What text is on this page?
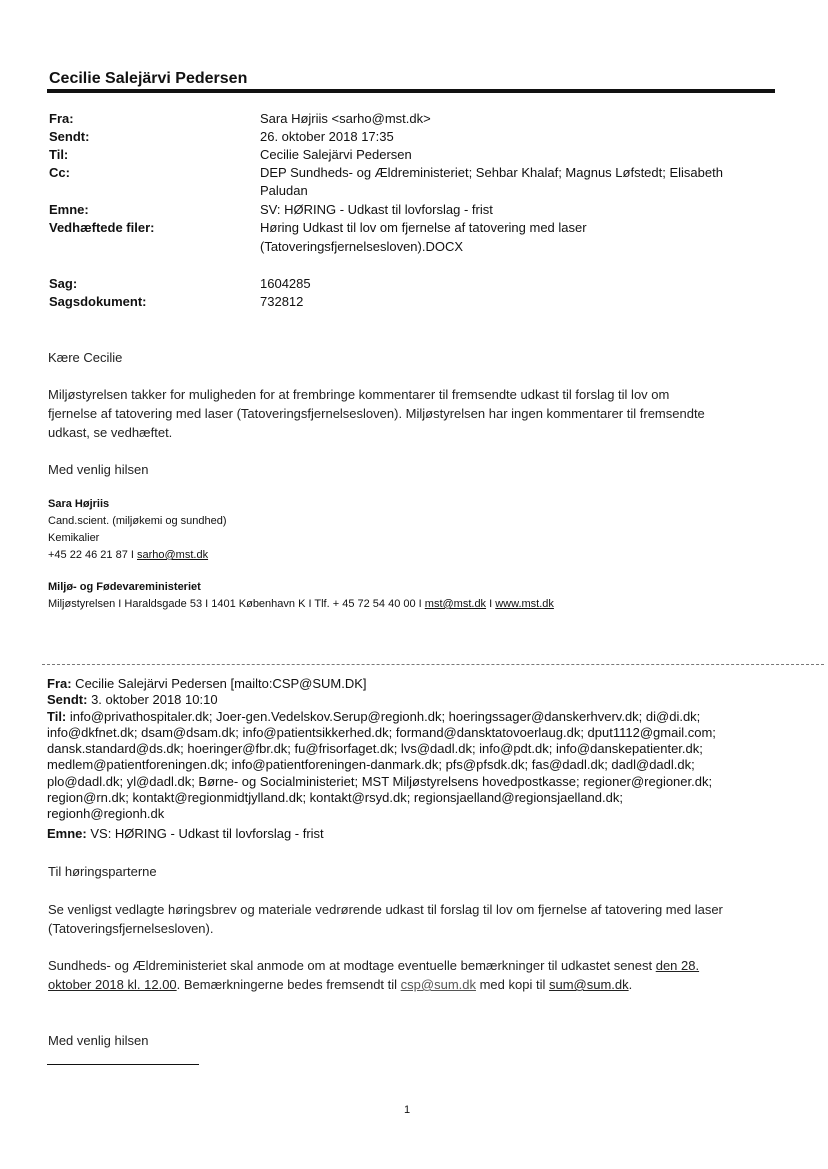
Cecilie Salejärvi Pedersen
Fra:	Sara Højriis <sarho@mst.dk>
Sendt:	26. oktober 2018 17:35
Til:	Cecilie Salejärvi Pedersen
Cc:	DEP Sundheds- og Ældreministeriet; Sehbar Khalaf; Magnus Løfstedt; Elisabeth
Paludan
Emne:	SV: HØRING - Udkast til lovforslag - frist
Vedhæftede filer:	Høring Udkast til lov om fjernelse af tatovering med laser
(Tatoveringsfjernelsesloven).DOCX
Sag:	1604285
Sagsdokument:	732812
Kære Cecilie
Miljøstyrelsen takker for muligheden for at frembringe kommentarer til fremsendte udkast til forslag til lov om
fjernelse af tatovering med laser (Tatoveringsfjernelsesloven). Miljøstyrelsen har ingen kommentarer til fremsendte
udkast, se vedhæftet.
Med venlig hilsen
Sara Højriis
Cand.scient. (miljøkemi og sundhed)
Kemikalier
+45 22 46 21 87 I sarho@mst.dk
Miljø- og Fødevareministeriet
Miljøstyrelsen I Haraldsgade 53 I 1401 København K I Tlf. + 45 72 54 40 00 I mst@mst.dk I www.mst.dk
Fra: Cecilie Salejärvi Pedersen [mailto:CSP@SUM.DK]
Sendt: 3. oktober 2018 10:10
Til: info@privathospitaler.dk; Joer-gen.Vedelskov.Serup@regionh.dk; hoeringssager@danskerhverv.dk; di@di.dk;
info@dkfnet.dk; dsam@dsam.dk; info@patientsikkerhed.dk; formand@dansktatovoerlaug.dk; dput1112@gmail.com;
dansk.standard@ds.dk; hoeringer@fbr.dk; fu@frisorfaget.dk; lvs@dadl.dk; info@pdt.dk; info@danskepatienter.dk;
medlem@patientforeningen.dk; info@patientforeningen-danmark.dk; pfs@pfsdk.dk; fas@dadl.dk; dadl@dadl.dk;
plo@dadl.dk; yl@dadl.dk; Børne- og Socialministeriet; MST Miljøstyrelsens hovedpostkasse; regioner@regioner.dk;
region@rn.dk; kontakt@regionmidtjylland.dk; kontakt@rsyd.dk; regionsjaelland@regionsjaelland.dk;
regionh@regionh.dk
Emne: VS: HØRING - Udkast til lovforslag - frist
Til høringsparterne
Se venligst vedlagte høringsbrev og materiale vedrørende udkast til forslag til lov om fjernelse af tatovering med laser
(Tatoveringsfjernelsesloven).
Sundheds- og Ældreministeriet skal anmode om at modtage eventuelle bemærkninger til udkastet senest den 28.
oktober 2018 kl. 12.00. Bemærkningerne bedes fremsendt til csp@sum.dk med kopi til sum@sum.dk.
Med venlig hilsen
1
